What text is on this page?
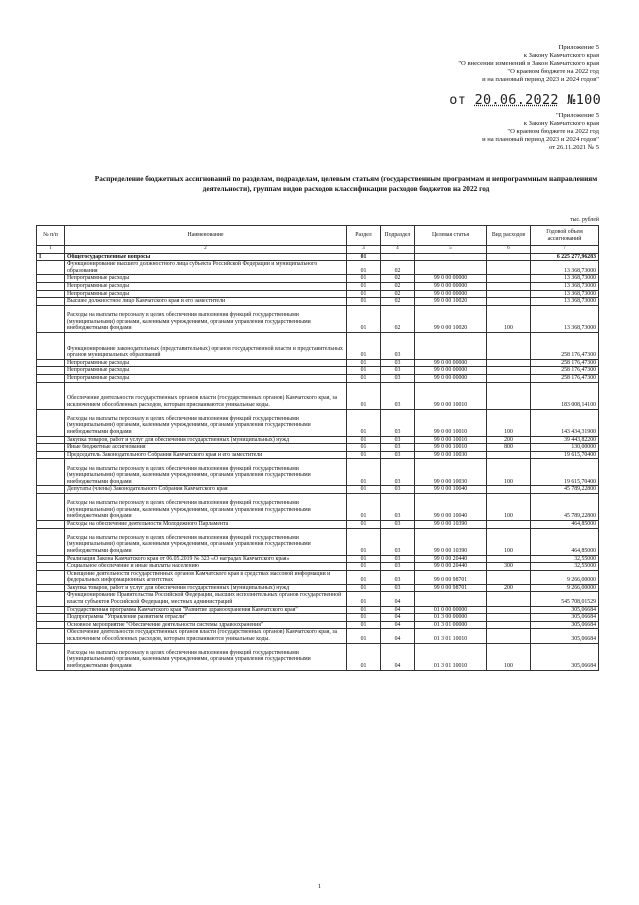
Приложение 5
к Закону Камчатского края
"О внесении изменений в Закон Камчатского края
"О краевом бюджете на 2022 год
и на плановый период 2023 и 2024 годов"
от 20.06.2022 №100
"Приложение 5
к Закону Камчатского края
"О краевом бюджете на 2022 год
и на плановый период 2023 и 2024 годов"
от 26.11.2021 № 5
Распределение бюджетных ассигнований по разделам, подразделам, целевым статьям (государственным программам и непрограммным направлениям деятельности), группам видов расходов классификации расходов бюджетов на 2022 год
тыс. рублей
№ п/п	Наименование	Раздел	Подраздел	Целевая статья	Вид расходов	Годовой объем ассигнований
1	2	3	4	5	6	7
I	Общегосударственные вопросы	01				6 225 277,96283
	Функционирование высшего должностного лица субъекта Российской Федерации и муниципального образования	01	02			13 368,73000
	Непрограммные расходы	01	02	99 0 00 00000		13 368,73000
	Непрограммные расходы	01	02	99 0 00 00000		13 368,73000
	Непрограммные расходы	01	02	99 0 00 00000		13 368,73000
	Высшее должностное лицо Камчатского края и его заместители	01	02	99 0 00 10020		13 368,73000
	Расходы на выплаты персоналу в целях обеспечения выполнения функций государственными (муниципальными) органами, казенными учреждениями, органами управления государственными внебюджетными фондами	01	02	99 0 00 10020	100	13 368,73000
	Функционирование законодательных (представительных) органов государственной власти и представительных органов муниципальных образований	01	03			258 176,47300
	Непрограммные расходы	01	03	99 0 00 00000		258 176,47300
	Непрограммные расходы	01	03	99 0 00 00000		258 176,47300
	Непрограммные расходы	01	03	99 0 00 00000		258 176,47300
	Обеспечение деятельности государственных органов власти (государственных органов) Камчатского края, за исключением обособленных расходов, которым присваиваются уникальные коды.	01	03	99 0 00 10010		183 008,14100
	Расходы на выплаты персоналу в целях обеспечения выполнения функций государственными (муниципальными) органами, казенными учреждениями, органами управления государственными внебюджетными фондами	01	03	99 0 00 10010	100	143 434,31900
	Закупка товаров, работ и услуг для обеспечения государственных (муниципальных) нужд	01	03	99 0 00 10010	200	39 443,82200
	Иные бюджетные ассигнования	01	03	99 0 00 10010	800	130,00000
	Председатель Законодательного Собрания Камчатского края и его заместители	01	03	99 0 00 10030		19 615,70400
	Расходы на выплаты персоналу в целях обеспечения выполнения функций государственными (муниципальными) органами, казенными учреждениями, органами управления государственными внебюджетными фондами	01	03	99 0 00 10030	100	19 615,70400
	Депутаты (члены) Законодательного Собрания Камчатского края	01	03	99 0 00 10040		45 789,22800
	Расходы на выплаты персоналу в целях обеспечения выполнения функций государственными (муниципальными) органами, казенными учреждениями, органами управления государственными внебюджетными фондами	01	03	99 0 00 10040	100	45 789,22800
	Расходы на обеспечение деятельности Молодежного Парламента	01	03	99 0 00 10390		464,85000
	Расходы на выплаты персоналу в целях обеспечения выполнения функций государственными (муниципальными) органами, казенными учреждениями, органами управления государственными внебюджетными фондами	01	03	99 0 00 10390	100	464,85000
	Реализация Закона Камчатского края от 06.05.2019 № 323 «О наградах Камчатского края»	01	03	99 0 00 20440		32,55000
	Социальное обеспечение и иные выплаты населению	01	03	99 0 00 20440	300	32,55000
	Освещение деятельности государственных органов Камчатского края в средствах массовой информации и федеральных информационных агентствах	01	03	99 0 00 98701		9 266,00000
	Закупка товаров, работ и услуг для обеспечения государственных (муниципальных) нужд	01	03	99 0 00 98701	200	9 266,00000
	Функционирование Правительства Российской Федерации, высших исполнительных органов государственной власти субъектов Российской Федерации, местных администраций	01	04			545 708,01529
	Государственная программа Камчатского края "Развитие здравоохранения Камчатского края"	01	04	01 0 00 00000		305,06684
	Подпрограмма "Управление развитием отрасли"	01	04	01 3 00 00000		305,06684
	Основное мероприятие "Обеспечение деятельности системы здравоохранения"	01	04	01 3 01 00000		305,06684
	Обеспечение деятельности государственных органов власти (государственных органов) Камчатского края, за исключением обособленных расходов, которым присваиваются уникальные коды.	01	04	01 3 01 10010		305,06684
	Расходы на выплаты персоналу в целях обеспечения выполнения функций государственными (муниципальными) органами, казенными учреждениями, органами управления государственными внебюджетными фондами	01	04	01 3 01 10010	100	305,06684
1
